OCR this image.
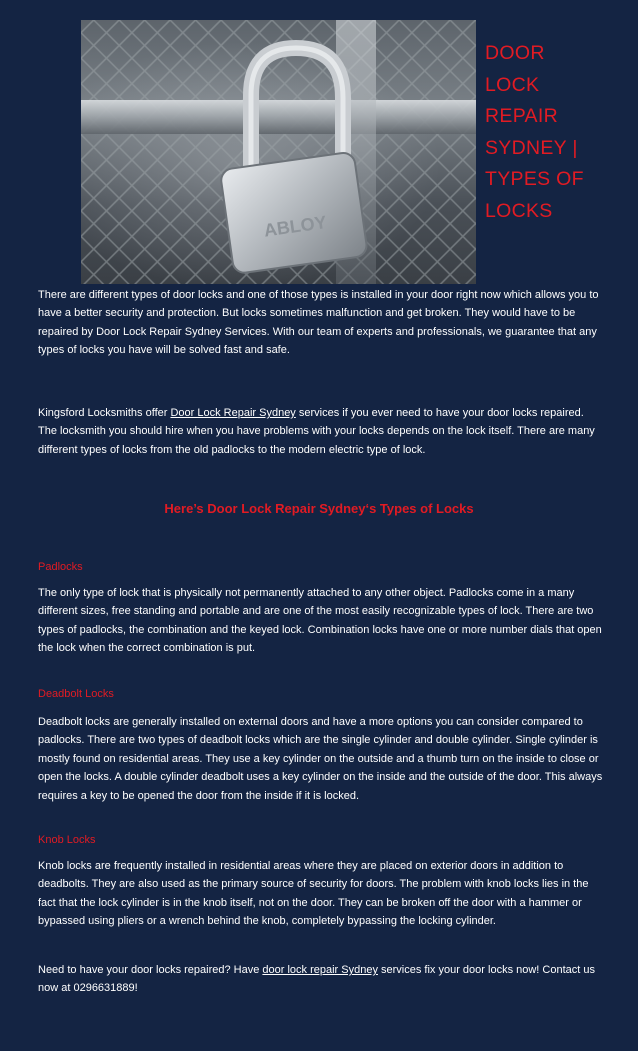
ABLOY
DOOR
LOCK
REPAIR
SYDNEY |
TYPES OF
LOCKS

There are different types of door locks and one of those types is installed in your door right now which allows you to have a better security and protection. But locks sometimes malfunction and get broken. They would have to be repaired by Door Lock Repair Sydney Services. With our team of experts and professionals, we guarantee that any types of locks you have will be solved fast and safe.

Kingsford Locksmiths offer Door Lock Repair Sydney services if you ever need to have your door locks repaired. The locksmith you should hire when you have problems with your locks depends on the lock itself. There are many different types of locks from the old padlocks to the modern electric type of lock.

Here’s Door Lock Repair Sydney‘s Types of Locks
Padlocks

The only type of lock that is physically not permanently attached to any other object. Padlocks come in a many different sizes, free standing and portable and are one of the most easily recognizable types of lock. There are two types of padlocks, the combination and the keyed lock. Combination locks have one or more number dials that open the lock when the correct combination is put.

Deadbolt Locks

Deadbolt locks are generally installed on external doors and have a more options you can consider compared to padlocks. There are two types of deadbolt locks which are the single cylinder and double cylinder. Single cylinder is mostly found on residential areas. They use a key cylinder on the outside and a thumb turn on the inside to close or open the locks. A double cylinder deadbolt uses a key cylinder on the inside and the outside of the door. This always requires a key to be opened the door from the inside if it is locked.

Knob Locks

Knob locks are frequently installed in residential areas where they are placed on exterior doors in addition to deadbolts. They are also used as the primary source of security for doors. The problem with knob locks lies in the fact that the lock cylinder is in the knob itself, not on the door. They can be broken off the door with a hammer or bypassed using pliers or a wrench behind the knob, completely bypassing the locking cylinder.

Need to have your door locks repaired? Have door lock repair Sydney services fix your door locks now! Contact us now at 0296631889!
